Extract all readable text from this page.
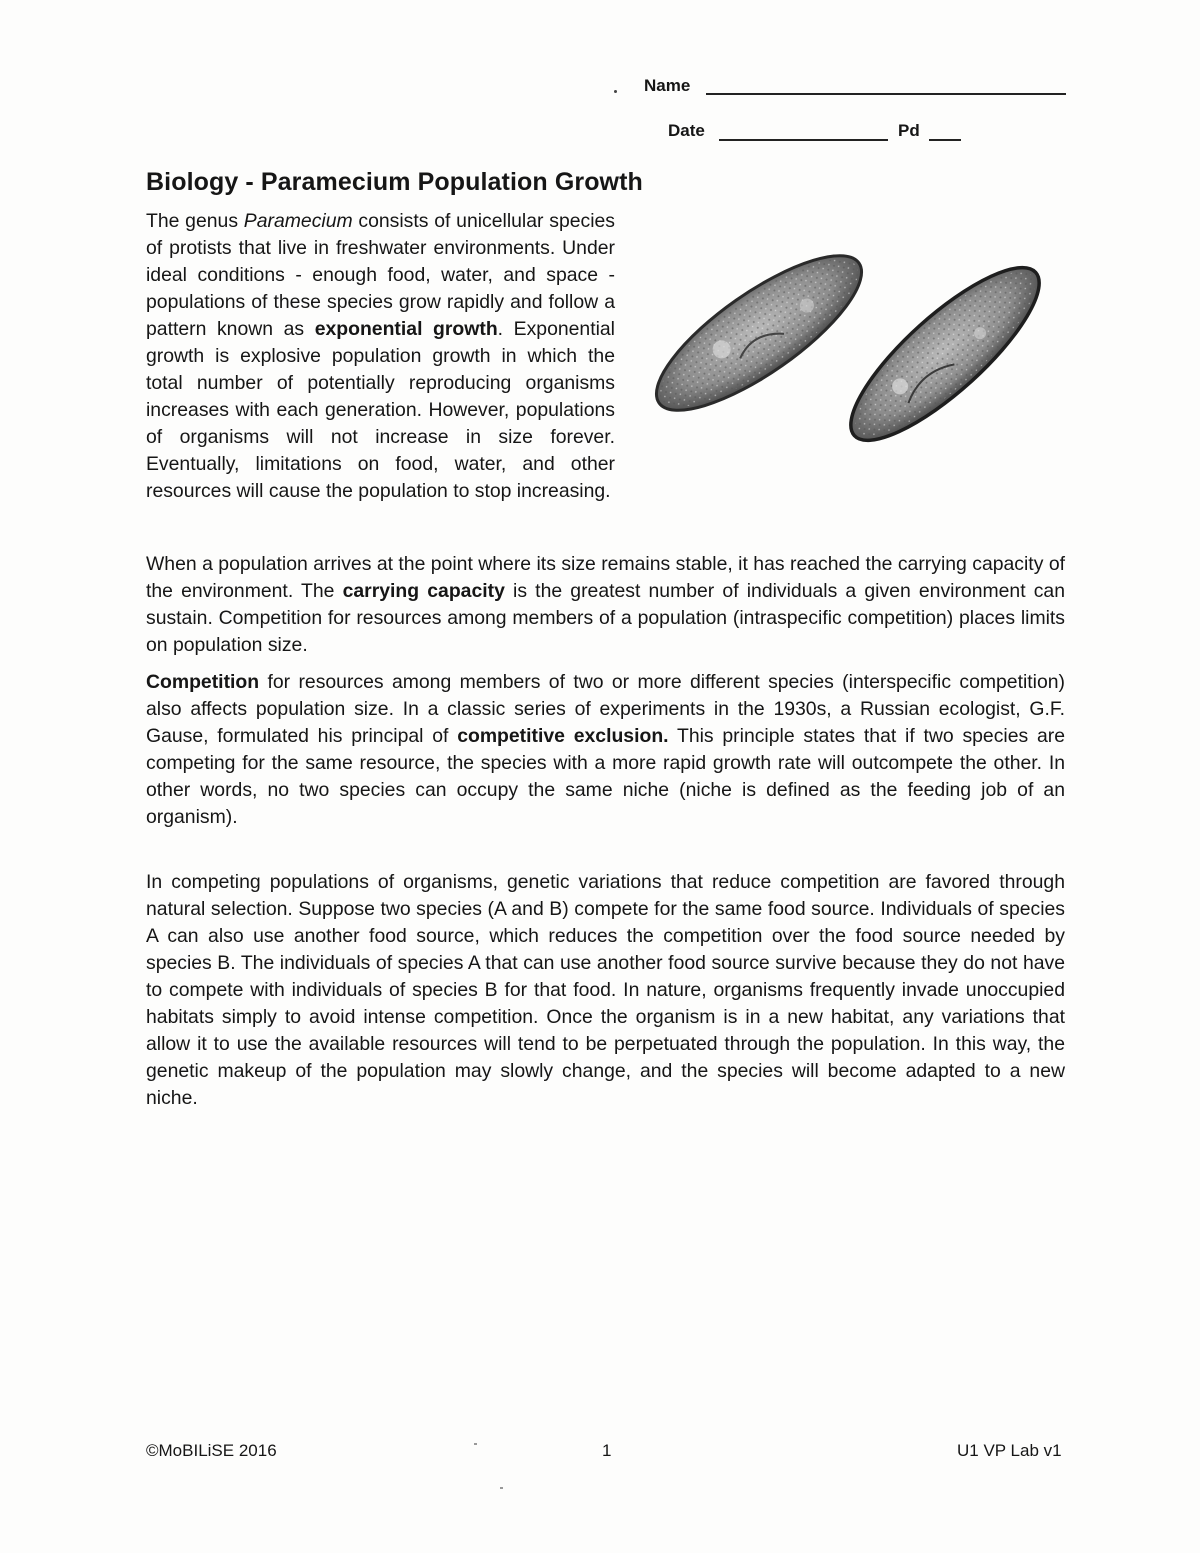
Name
Date	Pd
Biology - Paramecium Population Growth
The genus Paramecium consists of unicellular species of protists that live in freshwater environments. Under ideal conditions - enough food, water, and space - populations of these species grow rapidly and follow a pattern known as exponential growth. Exponential growth is explosive population growth in which the total number of potentially reproducing organisms increases with each generation. However, populations of organisms will not increase in size forever. Eventually, limitations on food, water, and other resources will cause the population to stop increasing.
When a population arrives at the point where its size remains stable, it has reached the carrying capacity of the environment. The carrying capacity is the greatest number of individuals a given environment can sustain. Competition for resources among members of a population (intraspecific competition) places limits on population size.
Competition for resources among members of two or more different species (interspecific competition) also affects population size. In a classic series of experiments in the 1930s, a Russian ecologist, G.F. Gause, formulated his principal of competitive exclusion. This principle states that if two species are competing for the same resource, the species with a more rapid growth rate will outcompete the other. In other words, no two species can occupy the same niche (niche is defined as the feeding job of an organism).
In competing populations of organisms, genetic variations that reduce competition are favored through natural selection. Suppose two species (A and B) compete for the same food source. Individuals of species A can also use another food source, which reduces the competition over the food source needed by species B. The individuals of species A that can use another food source survive because they do not have to compete with individuals of species B for that food. In nature, organisms frequently invade unoccupied habitats simply to avoid intense competition. Once the organism is in a new habitat, any variations that allow it to use the available resources will tend to be perpetuated through the population. In this way, the genetic makeup of the population may slowly change, and the species will become adapted to a new niche.
©MoBILiSE 2016	1	U1 VP Lab v1
